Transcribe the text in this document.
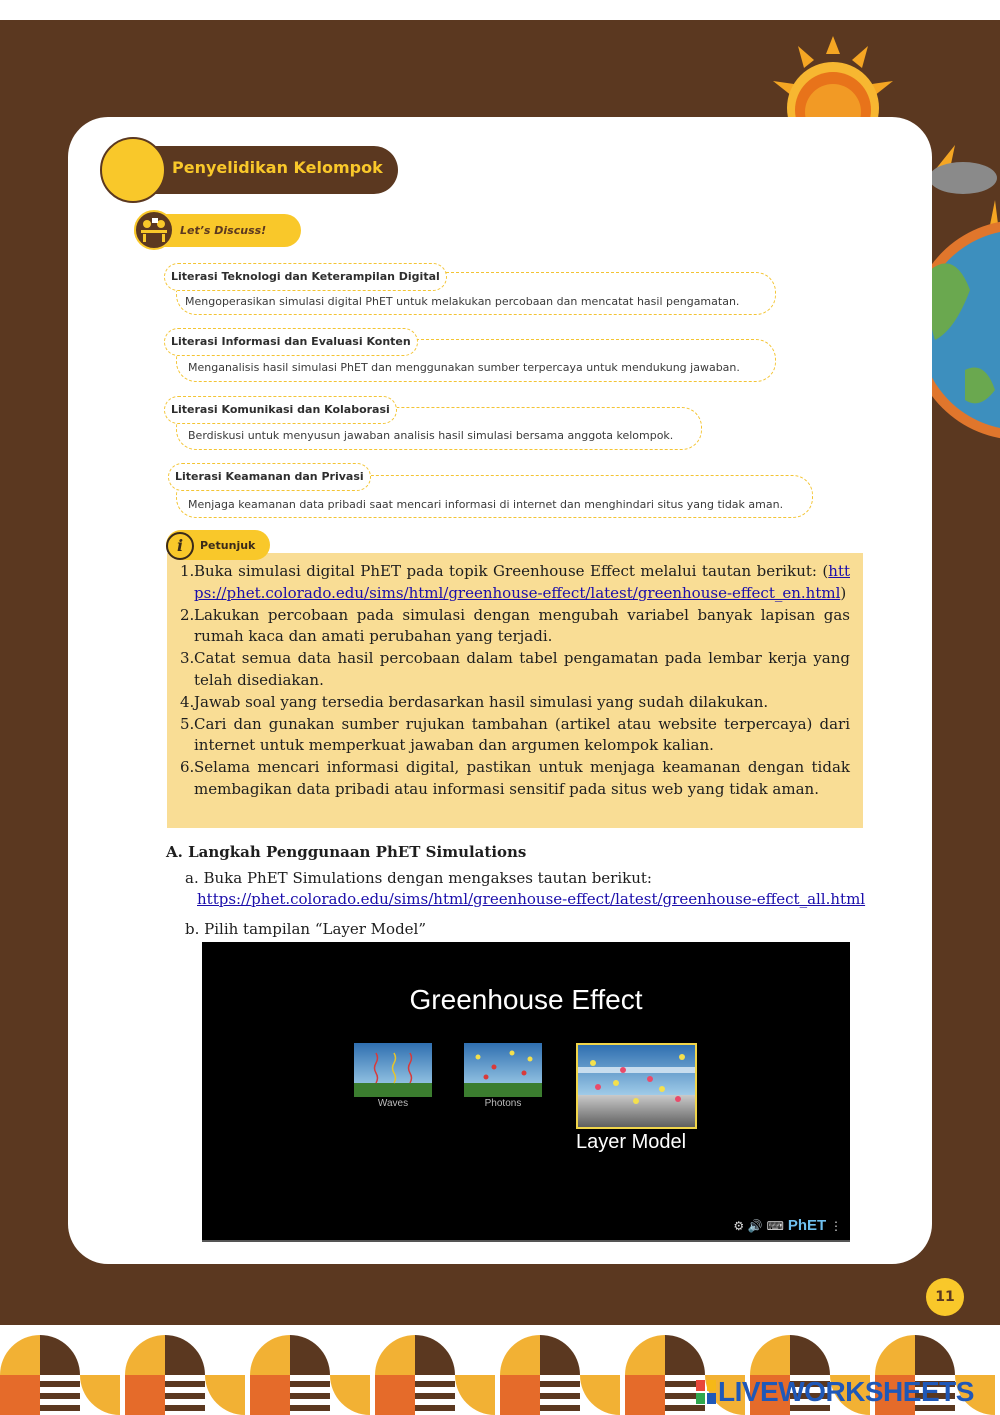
Penyelidikan Kelompok
Let’s Discuss!
Literasi Teknologi dan Keterampilan Digital
Mengoperasikan simulasi digital PhET untuk melakukan percobaan dan mencatat hasil pengamatan.
Literasi Informasi dan Evaluasi Konten
Menganalisis hasil simulasi PhET dan menggunakan sumber terpercaya untuk mendukung jawaban.
Literasi Komunikasi dan Kolaborasi
Berdiskusi untuk menyusun jawaban analisis hasil simulasi bersama anggota kelompok.
Literasi Keamanan dan Privasi
Menjaga keamanan data pribadi saat mencari informasi di internet dan menghindari situs yang tidak aman.
i	Petunjuk
1. Buka simulasi digital PhET pada topik Greenhouse Effect melalui tautan berikut: (https://phet.colorado.edu/sims/html/greenhouse-effect/latest/greenhouse-effect_en.html)
2. Lakukan percobaan pada simulasi dengan mengubah variabel banyak lapisan gas rumah kaca dan amati perubahan yang terjadi.
3. Catat semua data hasil percobaan dalam tabel pengamatan pada lembar kerja yang telah disediakan.
4. Jawab soal yang tersedia berdasarkan hasil simulasi yang sudah dilakukan.
5. Cari dan gunakan sumber rujukan tambahan (artikel atau website terpercaya) dari internet untuk memperkuat jawaban dan argumen kelompok kalian.
6. Selama mencari informasi digital, pastikan untuk menjaga keamanan dengan tidak membagikan data pribadi atau informasi sensitif pada situs web yang tidak aman.
A. Langkah Penggunaan PhET Simulations
a. Buka PhET Simulations dengan mengakses tautan berikut:
https://phet.colorado.edu/sims/html/greenhouse-effect/latest/greenhouse-effect_all.html
b. Pilih tampilan “Layer Model”
Greenhouse Effect
Waves	Photons
Layer Model
⚙ 🔊 ⌨ PhET ⋮
11
LIVEWORKSHEETS
